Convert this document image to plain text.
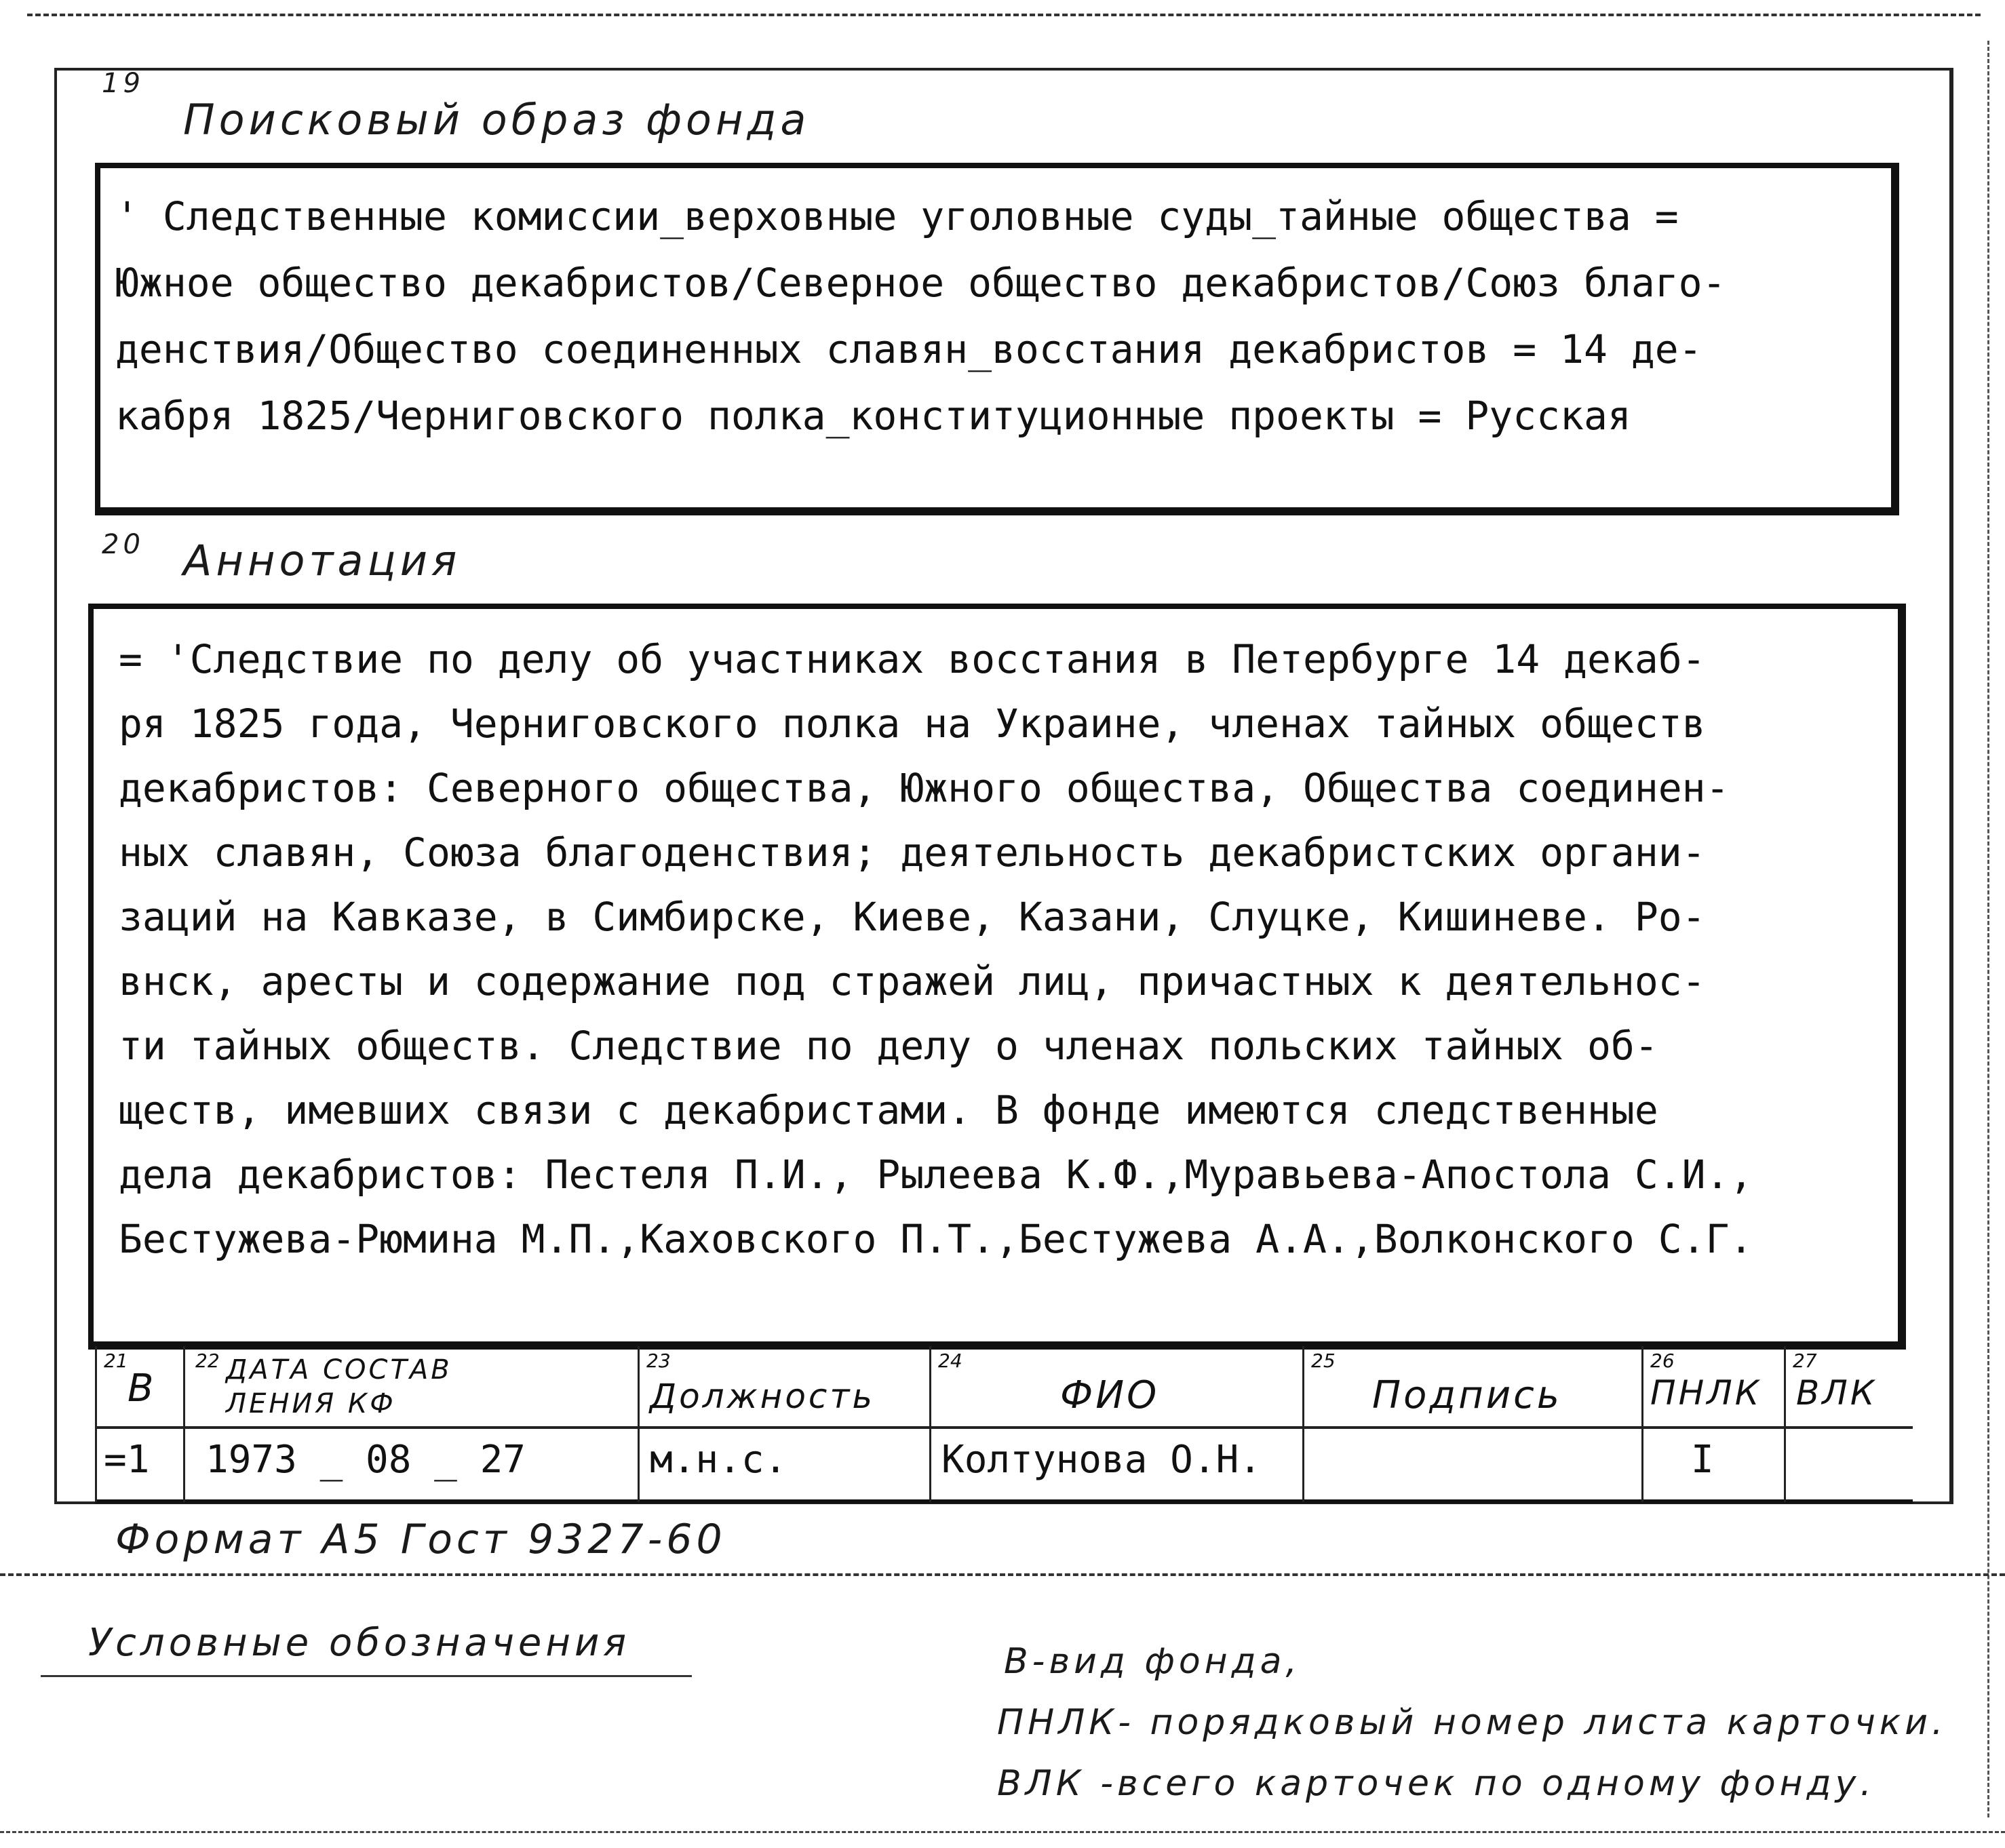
19
Поисковый образ фонда
' Следственные комиссии_верховные уголовные суды_тайные общества =
Южное общество декабристов/Северное общество декабристов/Союз благо-
денствия/Общество соединенных славян_восстания декабристов = 14 де-
кабря 1825/Черниговского полка_конституционные проекты = Русская
20 Аннотация
= 'Следствие по делу об участниках восстания в Петербурге 14 декаб-
ря 1825 года, Черниговского полка на Украине, членах тайных обществ
декабристов: Северного общества, Южного общества, Общества соединен-
ных славян, Союза благоденствия; деятельность декабристских органи-
заций на Кавказе, в Симбирске, Киеве, Казани, Слуцке, Кишиневе. Ро-
внск, аресты и содержание под стражей лиц, причастных к деятельнос-
ти тайных обществ. Следствие по делу о членах польских тайных об-
ществ, имевших связи с декабристами. В фонде имеются следственные
дела декабристов: Пестеля П.И., Рылеева К.Ф.,Муравьева-Апостола С.И.,
Бестужева-Рюмина М.П.,Каховского П.Т.,Бестужева А.А.,Волконского С.Г.
21
В
=1
22 ДАТА СОСТАВ ЛЕНИЯ КФ
1973 _ 08 _ 27
23
Должность
м.н.с.
24
ФИО
Колтунова О.Н.
25
Подпись
26
ПНЛК
I
27
ВЛК
Формат А5 Гост 9327-60
Условные обозначения	В-вид фонда,
ПНЛК- порядковый номер листа карточки.
ВЛК -всего карточек по одному фонду.
